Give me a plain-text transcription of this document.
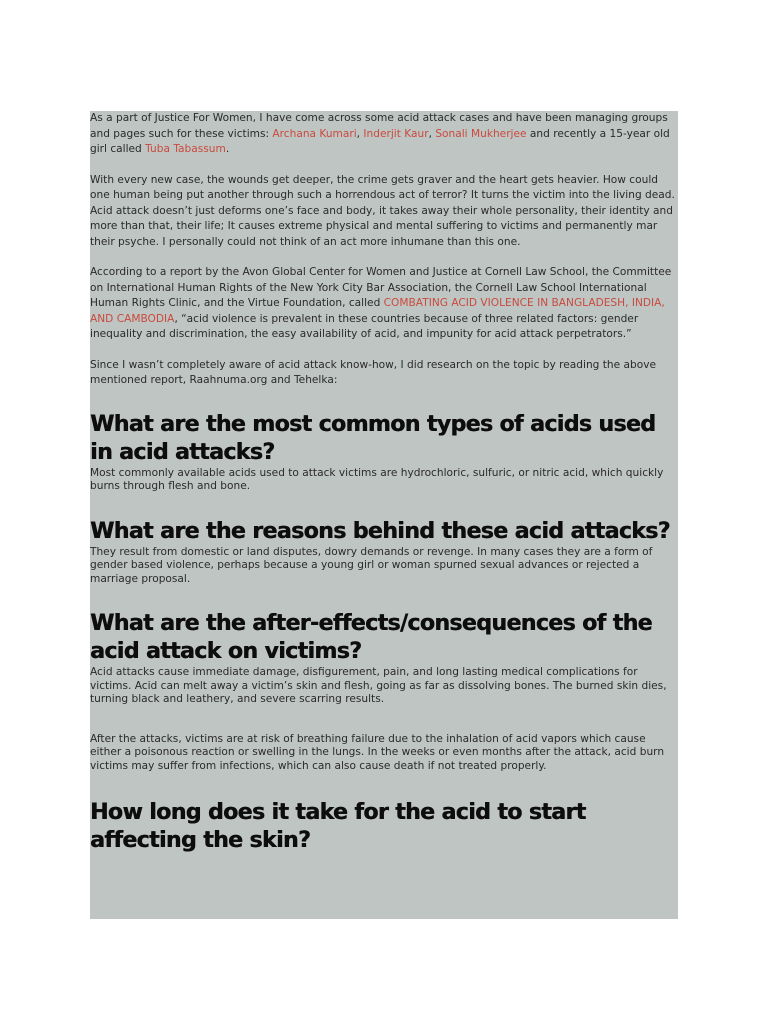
As a part of Justice For Women, I have come across some acid attack cases and have been managing groups and pages such for these victims: Archana Kumari, Inderjit Kaur, Sonali Mukherjee and recently a 15-year old girl called Tuba Tabassum.

With every new case, the wounds get deeper, the crime gets graver and the heart gets heavier. How could one human being put another through such a horrendous act of terror? It turns the victim into the living dead. Acid attack doesn’t just deforms one’s face and body, it takes away their whole personality, their identity and more than that, their life; It causes extreme physical and mental suffering to victims and permanently mar their psyche. I personally could not think of an act more inhumane than this one.

According to a report by the Avon Global Center for Women and Justice at Cornell Law School, the Committee on International Human Rights of the New York City Bar Association, the Cornell Law School International Human Rights Clinic, and the Virtue Foundation, called COMBATING ACID VIOLENCE IN BANGLADESH, INDIA, AND CAMBODIA, “acid violence is prevalent in these countries because of three related factors: gender inequality and discrimination, the easy availability of acid, and impunity for acid attack perpetrators.”

Since I wasn’t completely aware of acid attack know-how, I did research on the topic by reading the above mentioned report, Raahnuma.org and Tehelka:

What are the most common types of acids used in acid attacks?

Most commonly available acids used to attack victims are hydrochloric, sulfuric, or nitric acid, which quickly burns through flesh and bone.

What are the reasons behind these acid attacks?

They result from domestic or land disputes, dowry demands or revenge. In many cases they are a form of gender based violence, perhaps because a young girl or woman spurned sexual advances or rejected a marriage proposal.

What are the after-effects/consequences of the acid attack on victims?

Acid attacks cause immediate damage, disfigurement, pain, and long lasting medical complications for victims. Acid can melt away a victim’s skin and flesh, going as far as dissolving bones. The burned skin dies, turning black and leathery, and severe scarring results.

After the attacks, victims are at risk of breathing failure due to the inhalation of acid vapors which cause either a poisonous reaction or swelling in the lungs. In the weeks or even months after the attack, acid burn victims may suffer from infections, which can also cause death if not treated properly.

How long does it take for the acid to start affecting the skin?
